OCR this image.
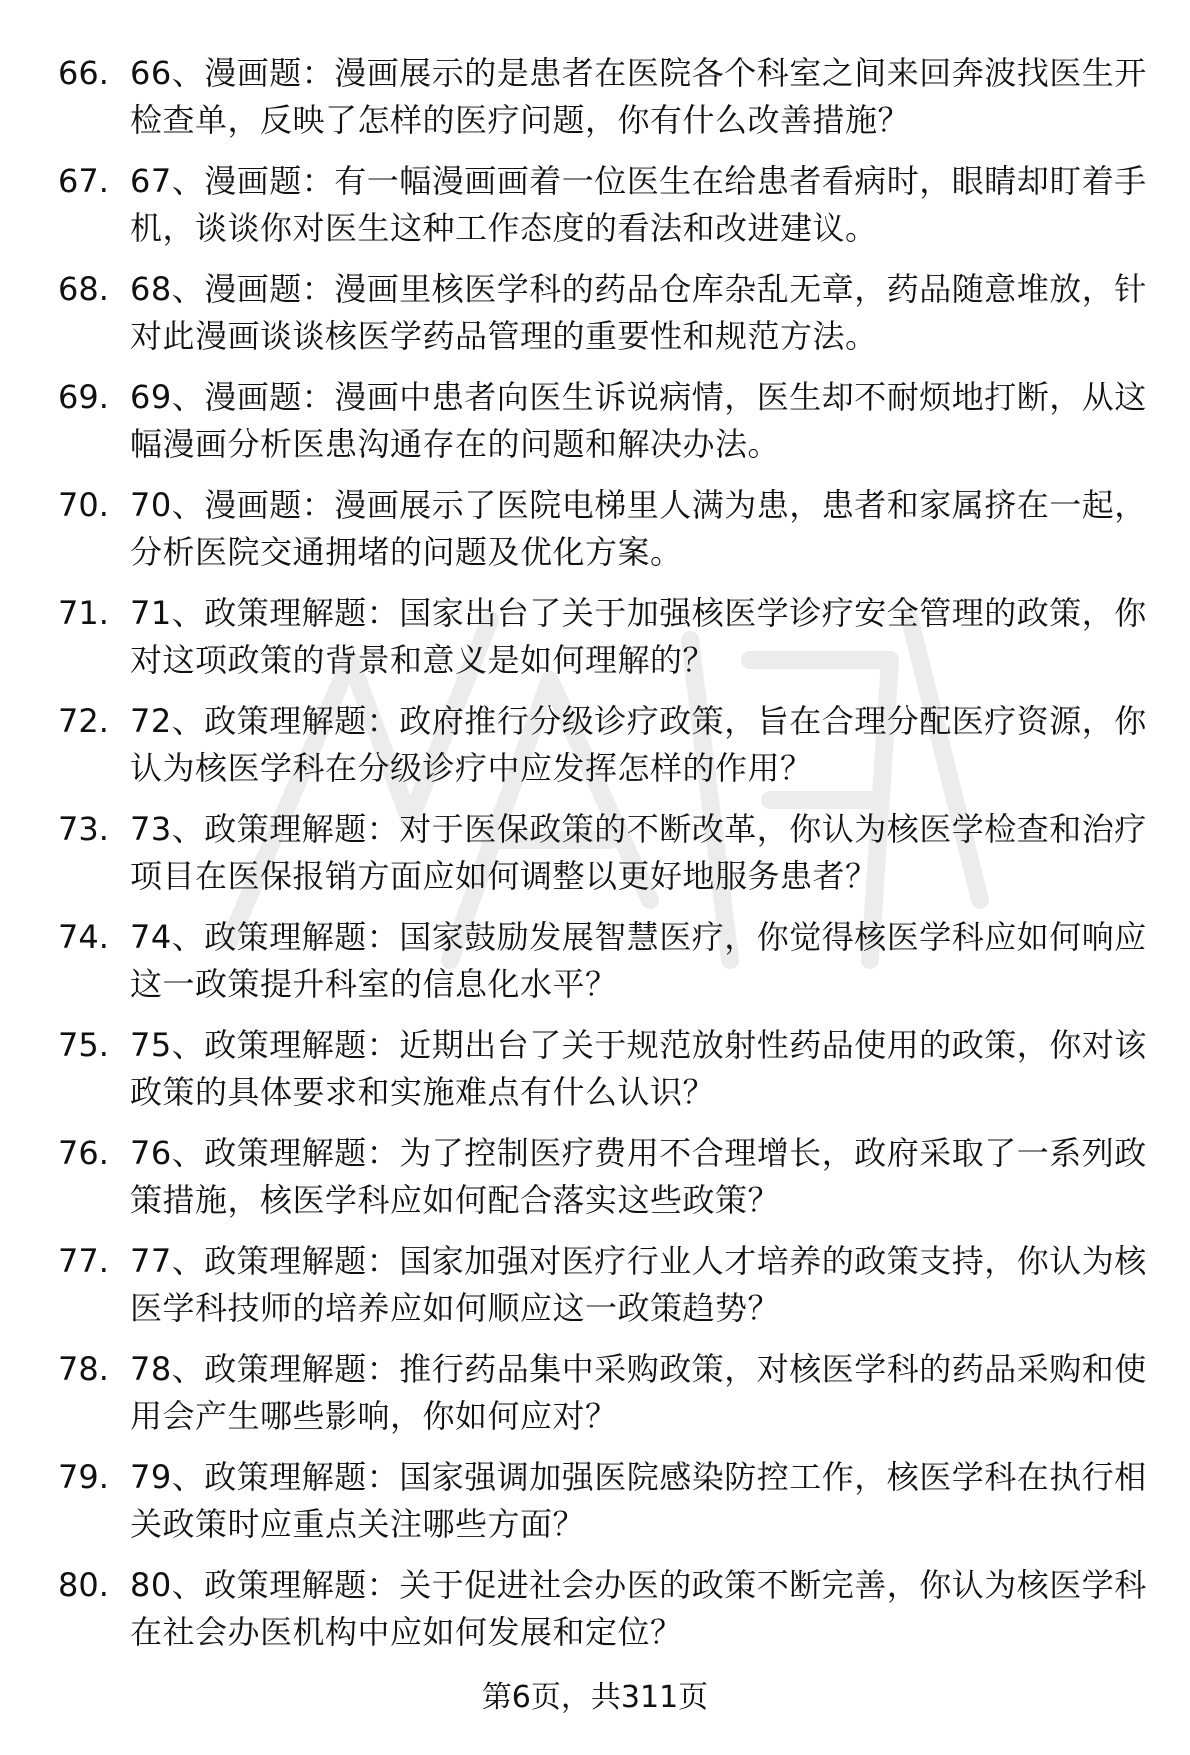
66. 66、漫画题：漫画展示的是患者在医院各个科室之间来回奔波找医生开检查单，反映了怎样的医疗问题，你有什么改善措施？
67. 67、漫画题：有一幅漫画画着一位医生在给患者看病时，眼睛却盯着手机，谈谈你对医生这种工作态度的看法和改进建议。
68. 68、漫画题：漫画里核医学科的药品仓库杂乱无章，药品随意堆放，针对此漫画谈谈核医学药品管理的重要性和规范方法。
69. 69、漫画题：漫画中患者向医生诉说病情，医生却不耐烦地打断，从这幅漫画分析医患沟通存在的问题和解决办法。
70. 70、漫画题：漫画展示了医院电梯里人满为患，患者和家属挤在一起，分析医院交通拥堵的问题及优化方案。
71. 71、政策理解题：国家出台了关于加强核医学诊疗安全管理的政策，你对这项政策的背景和意义是如何理解的？
72. 72、政策理解题：政府推行分级诊疗政策，旨在合理分配医疗资源，你认为核医学科在分级诊疗中应发挥怎样的作用？
73. 73、政策理解题：对于医保政策的不断改革，你认为核医学检查和治疗项目在医保报销方面应如何调整以更好地服务患者？
74. 74、政策理解题：国家鼓励发展智慧医疗，你觉得核医学科应如何响应这一政策提升科室的信息化水平？
75. 75、政策理解题：近期出台了关于规范放射性药品使用的政策，你对该政策的具体要求和实施难点有什么认识？
76. 76、政策理解题：为了控制医疗费用不合理增长，政府采取了一系列政策措施，核医学科应如何配合落实这些政策？
77. 77、政策理解题：国家加强对医疗行业人才培养的政策支持，你认为核医学科技师的培养应如何顺应这一政策趋势？
78. 78、政策理解题：推行药品集中采购政策，对核医学科的药品采购和使用会产生哪些影响，你如何应对？
79. 79、政策理解题：国家强调加强医院感染防控工作，核医学科在执行相关政策时应重点关注哪些方面？
80. 80、政策理解题：关于促进社会办医的政策不断完善，你认为核医学科在社会办医机构中应如何发展和定位？
第6页，共311页
